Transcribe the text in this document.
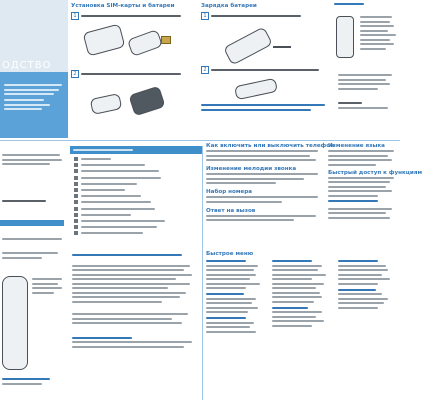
ОДСТВО
Установка SIM-карты и батареи
1
2
Зарядка батареи
1
2
Как включить или выключить телефон
Изменение мелодии звонка
Набор номера
Ответ на вызов
Быстрое меню
Изменение языка
Быстрый доступ к функциям
